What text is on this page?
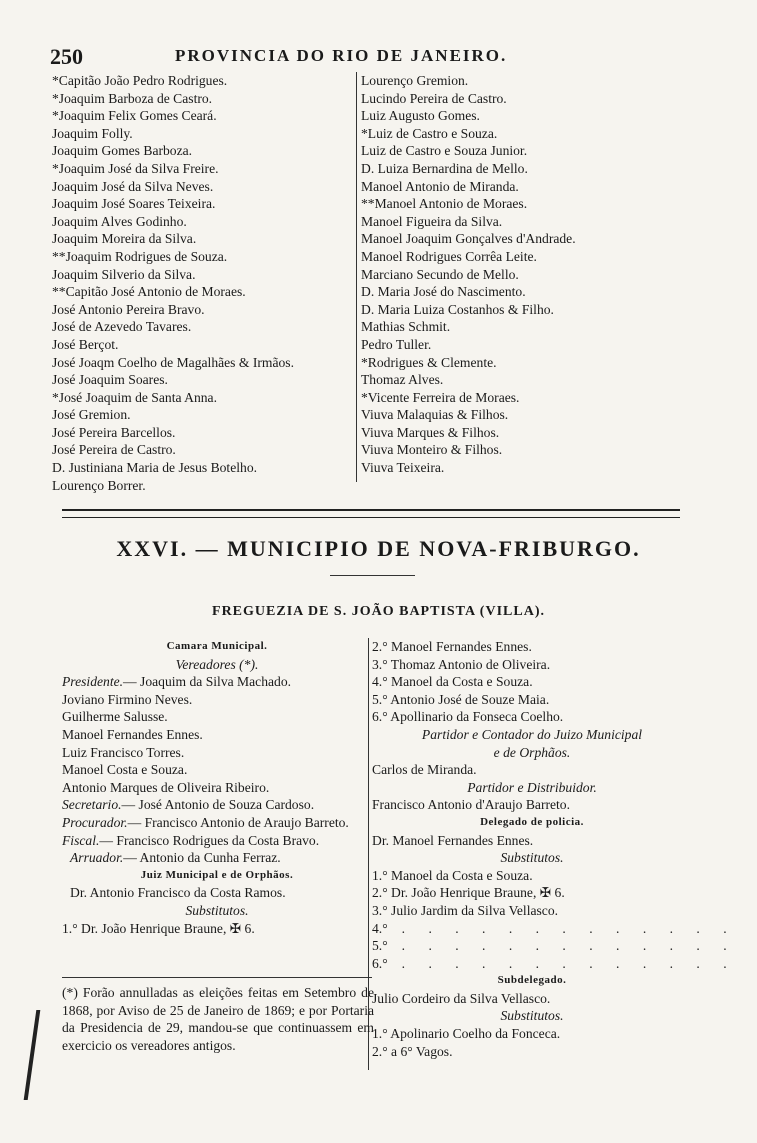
250	PROVINCIA DO RIO DE JANEIRO.
*Capitão João Pedro Rodrigues.
*Joaquim Barboza de Castro.
*Joaquim Felix Gomes Ceará.
Joaquim Folly.
Joaquim Gomes Barboza.
*Joaquim José da Silva Freire.
Joaquim José da Silva Neves.
Joaquim José Soares Teixeira.
Joaquim Alves Godinho.
Joaquim Moreira da Silva.
**Joaquim Rodrigues de Souza.
Joaquim Silverio da Silva.
**Capitão José Antonio de Moraes.
José Antonio Pereira Bravo.
José de Azevedo Tavares.
José Berçot.
José Joaqm Coelho de Magalhães & Irmãos.
José Joaquim Soares.
*José Joaquim de Santa Anna.
José Gremion.
José Pereira Barcellos.
José Pereira de Castro.
D. Justiniana Maria de Jesus Botelho.
Lourenço Borrer.
Lourenço Gremion.
Lucindo Pereira de Castro.
Luiz Augusto Gomes.
*Luiz de Castro e Souza.
Luiz de Castro e Souza Junior.
D. Luiza Bernardina de Mello.
Manoel Antonio de Miranda.
**Manoel Antonio de Moraes.
Manoel Figueira da Silva.
Manoel Joaquim Gonçalves d'Andrade.
Manoel Rodrigues Corrêa Leite.
Marciano Secundo de Mello.
D. Maria José do Nascimento.
D. Maria Luiza Costanhos & Filho.
Mathias Schmit.
Pedro Tuller.
*Rodrigues & Clemente.
Thomaz Alves.
*Vicente Ferreira de Moraes.
Viuva Malaquias & Filhos.
Viuva Marques & Filhos.
Viuva Monteiro & Filhos.
Viuva Teixeira.
XXVI. — MUNICIPIO DE NOVA-FRIBURGO.
FREGUEZIA DE S. JOÃO BAPTISTA (VILLA).
Camara Municipal.
Vereadores (*).
Presidente.— Joaquim da Silva Machado.
Joviano Firmino Neves.
Guilherme Salusse.
Manoel Fernandes Ennes.
Luiz Francisco Torres.
Manoel Costa e Souza.
Antonio Marques de Oliveira Ribeiro.
Secretario.— José Antonio de Souza Cardoso.
Procurador.— Francisco Antonio de Araujo Barreto.
Fiscal.— Francisco Rodrigues da Costa Bravo.
Arruador.— Antonio da Cunha Ferraz.
Juiz Municipal e de Orphãos.
Dr. Antonio Francisco da Costa Ramos.
Substitutos.
1.° Dr. João Henrique Braune, ✠ 6.
2.° Manoel Fernandes Ennes.
3.° Thomaz Antonio de Oliveira.
4.° Manoel da Costa e Souza.
5.° Antonio José de Souze Maia.
6.° Apollinario da Fonseca Coelho.
Partidor e Contador do Juizo Municipal
e de Orphãos.
Carlos de Miranda.
Partidor e Distribuidor.
Francisco Antonio d'Araujo Barreto.
Delegado de policia.
Dr. Manoel Fernandes Ennes.
Substitutos.
1.° Manoel da Costa e Souza.
2.° Dr. João Henrique Braune, ✠ 6.
3.° Julio Jardim da Silva Vellasco.
4.° . . . . . . . . . . . . .
5.° . . . . . . . . . . . . .
6.° . . . . . . . . . . . . .
Subdelegado.
Julio Cordeiro da Silva Vellasco.
Substitutos.
1.° Apolinario Coelho da Fonceca.
2.° a 6° Vagos.
(*) Forão annulladas as eleições feitas em Setembro de 1868, por Aviso de 25 de Janeiro de 1869; e por Portaria da Presidencia de 29, mandou-se que continuassem em exercicio os vereadores antigos.
